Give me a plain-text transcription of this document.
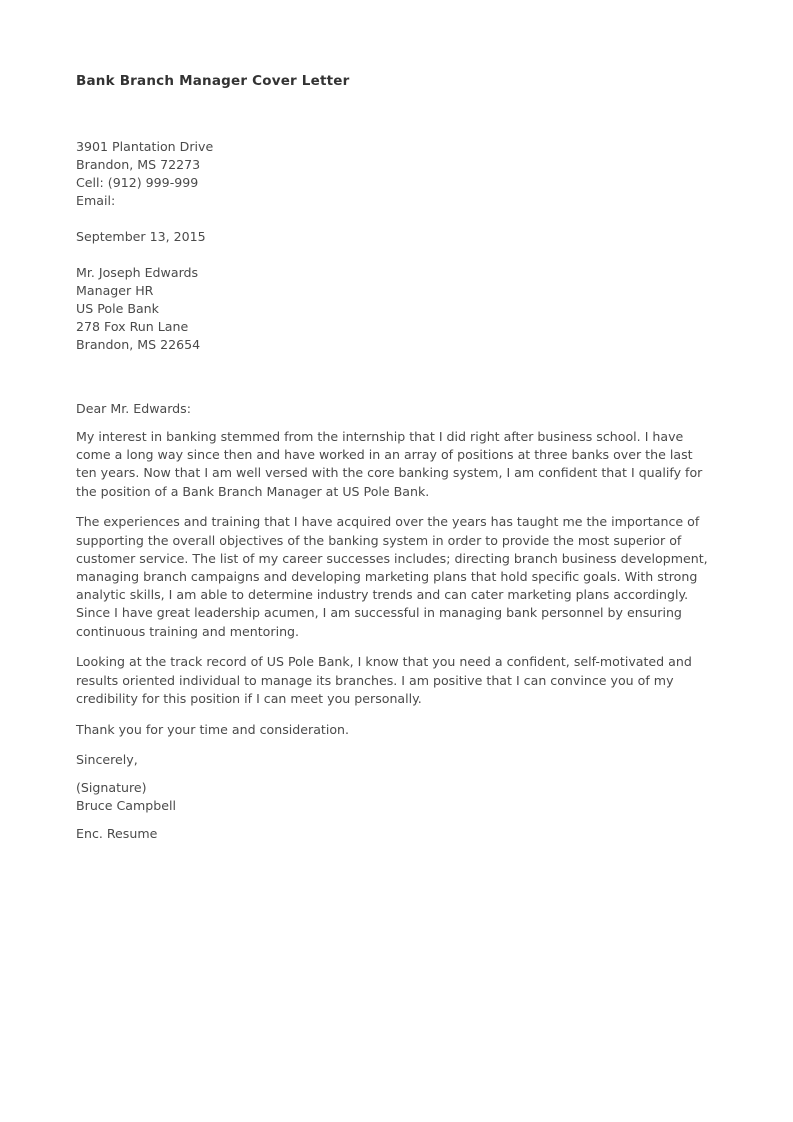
Bank Branch Manager Cover Letter
3901 Plantation Drive
Brandon, MS 72273
Cell: (912) 999-999
Email:
September 13, 2015
Mr. Joseph Edwards
Manager HR
US Pole Bank
278 Fox Run Lane
Brandon, MS 22654
Dear Mr. Edwards:

My interest in banking stemmed from the internship that I did right after business school. I have come a long way since then and have worked in an array of positions at three banks over the last ten years. Now that I am well versed with the core banking system, I am confident that I qualify for the position of a Bank Branch Manager at US Pole Bank.

The experiences and training that I have acquired over the years has taught me the importance of supporting the overall objectives of the banking system in order to provide the most superior of customer service. The list of my career successes includes; directing branch business development, managing branch campaigns and developing marketing plans that hold specific goals. With strong analytic skills, I am able to determine industry trends and can cater marketing plans accordingly. Since I have great leadership acumen, I am successful in managing bank personnel by ensuring continuous training and mentoring.

Looking at the track record of US Pole Bank, I know that you need a confident, self-motivated and results oriented individual to manage its branches. I am positive that I can convince you of my credibility for this position if I can meet you personally.

Thank you for your time and consideration.

Sincerely,
(Signature)
Bruce Campbell
Enc. Resume
